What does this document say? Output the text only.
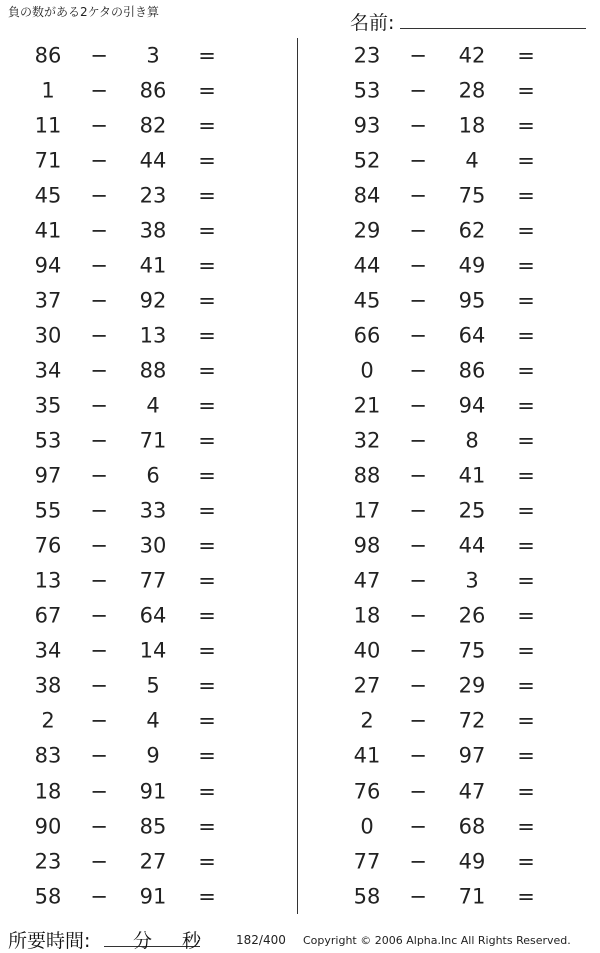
負の数がある2ケタの引き算	名前:
86	−	3	=
1	−	86	=
11	−	82	=
71	−	44	=
45	−	23	=
41	−	38	=
94	−	41	=
37	−	92	=
30	−	13	=
34	−	88	=
35	−	4	=
53	−	71	=
97	−	6	=
55	−	33	=
76	−	30	=
13	−	77	=
67	−	64	=
34	−	14	=
38	−	5	=
2	−	4	=
83	−	9	=
18	−	91	=
90	−	85	=
23	−	27	=
58	−	91	=
23	−	42	=
53	−	28	=
93	−	18	=
52	−	4	=
84	−	75	=
29	−	62	=
44	−	49	=
45	−	95	=
66	−	64	=
0	−	86	=
21	−	94	=
32	−	8	=
88	−	41	=
17	−	25	=
98	−	44	=
47	−	3	=
18	−	26	=
40	−	75	=
27	−	29	=
2	−	72	=
41	−	97	=
76	−	47	=
0	−	68	=
77	−	49	=
58	−	71	=
所要時間: 分 秒	182/400 Copyright © 2006 Alpha.Inc All Rights Reserved.
